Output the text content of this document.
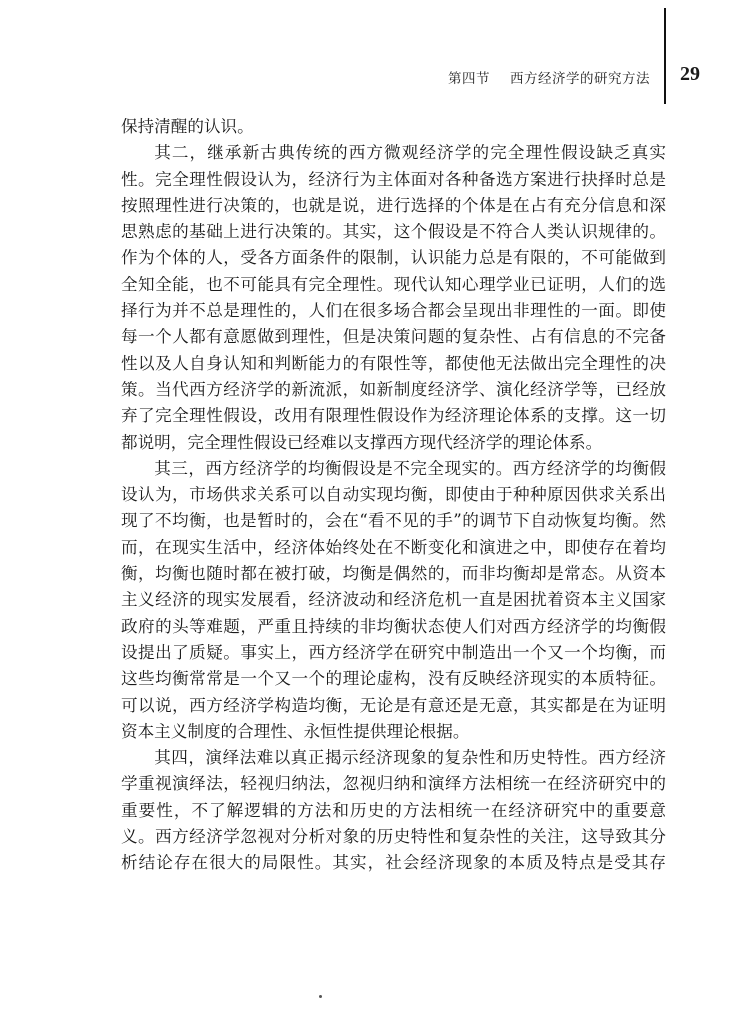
第四节 西方经济学的研究方法 29

保持清醒的认识。

其二，继承新古典传统的西方微观经济学的完全理性假设缺乏真实性。完全理性假设认为，经济行为主体面对各种备选方案进行抉择时总是按照理性进行决策的，也就是说，进行选择的个体是在占有充分信息和深思熟虑的基础上进行决策的。其实，这个假设是不符合人类认识规律的。作为个体的人，受各方面条件的限制，认识能力总是有限的，不可能做到全知全能，也不可能具有完全理性。现代认知心理学业已证明，人们的选择行为并不总是理性的，人们在很多场合都会呈现出非理性的一面。即使每一个人都有意愿做到理性，但是决策问题的复杂性、占有信息的不完备性以及人自身认知和判断能力的有限性等，都使他无法做出完全理性的决策。当代西方经济学的新流派，如新制度经济学、演化经济学等，已经放弃了完全理性假设，改用有限理性假设作为经济理论体系的支撑。这一切都说明，完全理性假设已经难以支撑西方现代经济学的理论体系。

其三，西方经济学的均衡假设是不完全现实的。西方经济学的均衡假设认为，市场供求关系可以自动实现均衡，即使由于种种原因供求关系出现了不均衡，也是暂时的，会在“看不见的手”的调节下自动恢复均衡。然而，在现实生活中，经济体始终处在不断变化和演进之中，即使存在着均衡，均衡也随时都在被打破，均衡是偶然的，而非均衡却是常态。从资本主义经济的现实发展看，经济波动和经济危机一直是困扰着资本主义国家政府的头等难题，严重且持续的非均衡状态使人们对西方经济学的均衡假设提出了质疑。事实上，西方经济学在研究中制造出一个又一个均衡，而这些均衡常常是一个又一个的理论虚构，没有反映经济现实的本质特征。可以说，西方经济学构造均衡，无论是有意还是无意，其实都是在为证明资本主义制度的合理性、永恒性提供理论根据。

其四，演绎法难以真正揭示经济现象的复杂性和历史特性。西方经济学重视演绎法，轻视归纳法，忽视归纳和演绎方法相统一在经济研究中的重要性，不了解逻辑的方法和历史的方法相统一在经济研究中的重要意义。西方经济学忽视对分析对象的历史特性和复杂性的关注，这导致其分析结论存在很大的局限性。其实，社会经济现象的本质及特点是受其存
